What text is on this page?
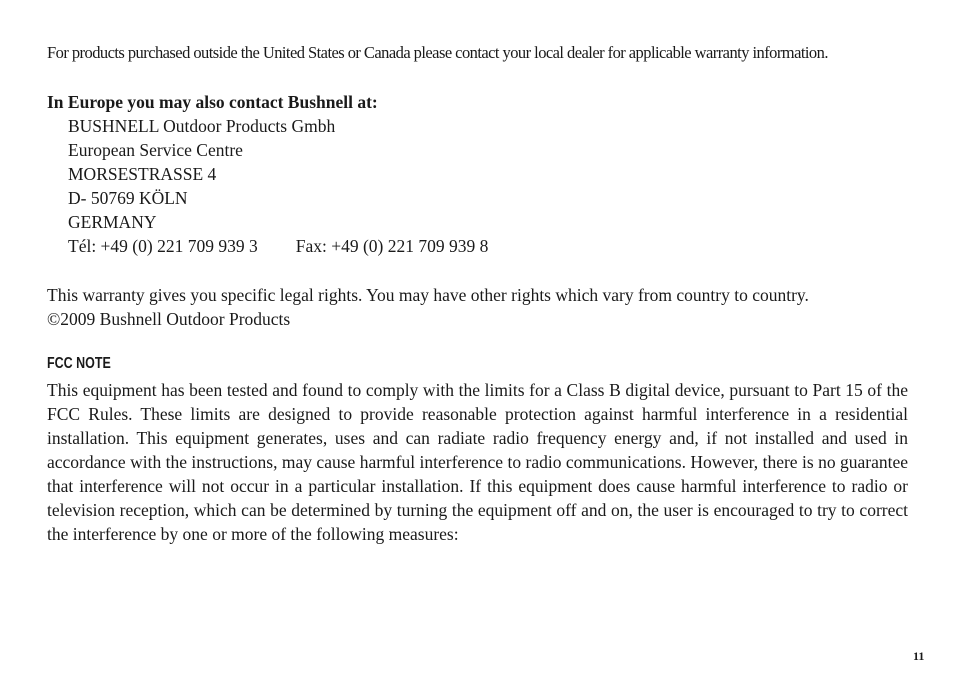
For products purchased outside the United States or Canada please contact your local dealer for applicable warranty information.
In Europe you may also contact Bushnell at:
BUSHNELL Outdoor Products Gmbh
European Service Centre
MORSESTRASSE 4
D- 50769 KÖLN
GERMANY
Tél: +49 (0) 221 709 939 3 Fax: +49 (0) 221 709 939 8
This warranty gives you specific legal rights. You may have other rights which vary from country to country.
©2009 Bushnell Outdoor Products
FCC NOTE

This equipment has been tested and found to comply with the limits for a Class B digital device, pursuant to Part 15 of the FCC Rules. These limits are designed to provide reasonable protection against harmful interference in a residential installation. This equipment generates, uses and can radiate radio frequency energy and, if not installed and used in accordance with the instructions, may cause harmful interference to radio communications. However, there is no guarantee that interference will not occur in a particular installation. If this equipment does cause harmful interference to radio or television reception, which can be determined by turning the equipment off and on, the user is encouraged to try to correct the interference by one or more of the following measures:

11
